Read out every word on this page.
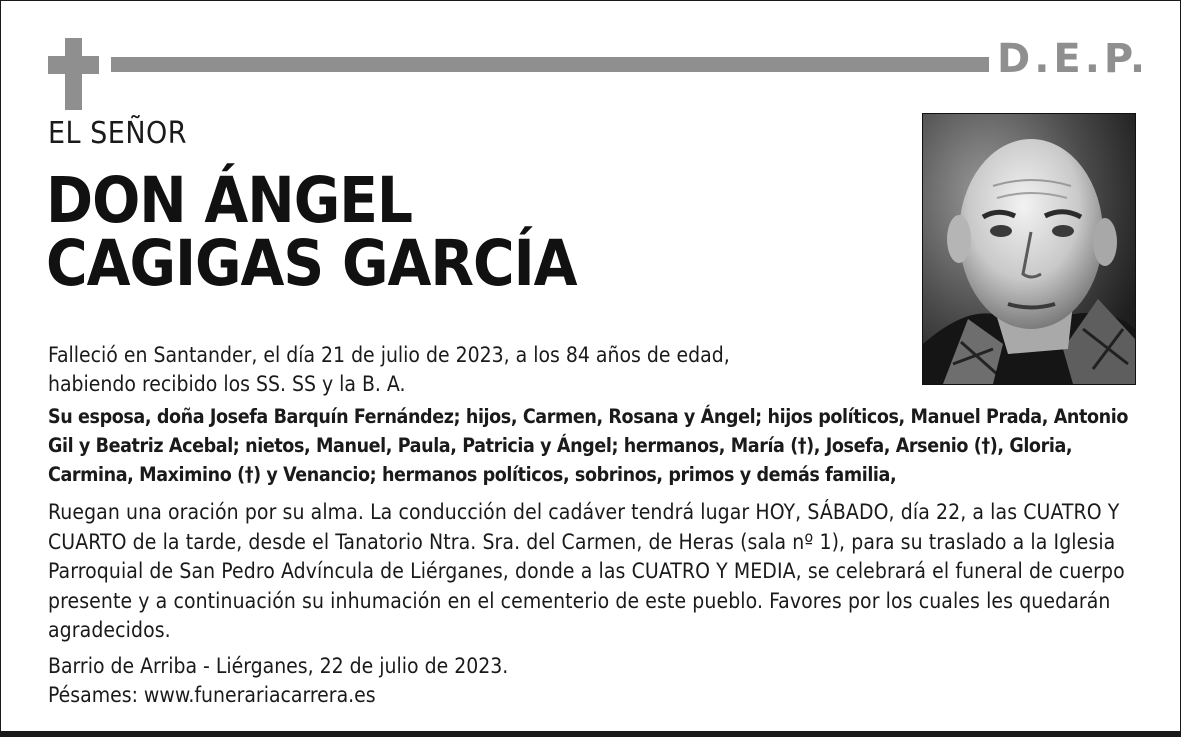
D.E.P.
EL SEÑOR
DON ÁNGEL
CAGIGAS GARCÍA

Falleció en Santander, el día 21 de julio de 2023, a los 84 años de edad,
habiendo recibido los SS. SS y la B. A.

Su esposa, doña Josefa Barquín Fernández; hijos, Carmen, Rosana y Ángel; hijos políticos, Manuel Prada, Antonio Gil y Beatriz Acebal; nietos, Manuel, Paula, Patricia y Ángel; hermanos, María (†), Josefa, Arsenio (†), Gloria, Carmina, Maximino (†) y Venancio; hermanos políticos, sobrinos, primos y demás familia,

Ruegan una oración por su alma. La conducción del cadáver tendrá lugar HOY, SÁBADO, día 22, a las CUATRO Y CUARTO de la tarde, desde el Tanatorio Ntra. Sra. del Carmen, de Heras (sala nº 1), para su traslado a la Iglesia Parroquial de San Pedro Advíncula de Liérganes, donde a las CUATRO Y MEDIA, se celebrará el funeral de cuerpo presente y a continuación su inhumación en el cementerio de este pueblo. Favores por los cuales les quedarán agradecidos.

Barrio de Arriba - Liérganes, 22 de julio de 2023.

Pésames: www.funerariacarrera.es
